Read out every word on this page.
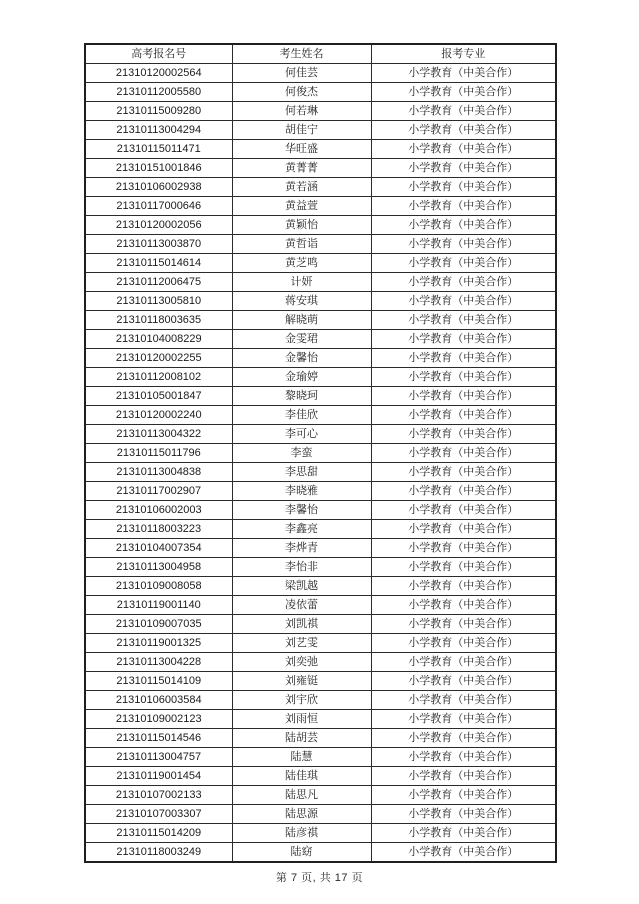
高考报名号	考生姓名	报考专业
21310120002564	何佳芸	小学教育（中美合作）
21310112005580	何俊杰	小学教育（中美合作）
21310115009280	何若琳	小学教育（中美合作）
21310113004294	胡佳宁	小学教育（中美合作）
21310115011471	华旺盛	小学教育（中美合作）
21310151001846	黄菁菁	小学教育（中美合作）
21310106002938	黄若涵	小学教育（中美合作）
21310117000646	黄益萱	小学教育（中美合作）
21310120002056	黄颖怡	小学教育（中美合作）
21310113003870	黄哲诣	小学教育（中美合作）
21310115014614	黄芝鸣	小学教育（中美合作）
21310112006475	计妍	小学教育（中美合作）
21310113005810	蒋安琪	小学教育（中美合作）
21310118003635	解晓萌	小学教育（中美合作）
21310104008229	金雯珺	小学教育（中美合作）
21310120002255	金馨怡	小学教育（中美合作）
21310112008102	金瑜婷	小学教育（中美合作）
21310105001847	黎晓珂	小学教育（中美合作）
21310120002240	李佳欣	小学教育（中美合作）
21310113004322	李可心	小学教育（中美合作）
21310115011796	李蛮	小学教育（中美合作）
21310113004838	李思甜	小学教育（中美合作）
21310117002907	李晓雅	小学教育（中美合作）
21310106002003	李馨怡	小学教育（中美合作）
21310118003223	李鑫亮	小学教育（中美合作）
21310104007354	李烨青	小学教育（中美合作）
21310113004958	李怡非	小学教育（中美合作）
21310109008058	梁凯越	小学教育（中美合作）
21310119001140	凌依蕾	小学教育（中美合作）
21310109007035	刘凯祺	小学教育（中美合作）
21310119001325	刘艺雯	小学教育（中美合作）
21310113004228	刘奕弛	小学教育（中美合作）
21310115014109	刘雍铤	小学教育（中美合作）
21310106003584	刘宇欣	小学教育（中美合作）
21310109002123	刘雨恒	小学教育（中美合作）
21310115014546	陆胡芸	小学教育（中美合作）
21310113004757	陆慧	小学教育（中美合作）
21310119001454	陆佳琪	小学教育（中美合作）
21310107002133	陆思凡	小学教育（中美合作）
21310107003307	陆思源	小学教育（中美合作）
21310115014209	陆彦祺	小学教育（中美合作）
21310118003249	陆窈	小学教育（中美合作）
第 7 页, 共 17 页
